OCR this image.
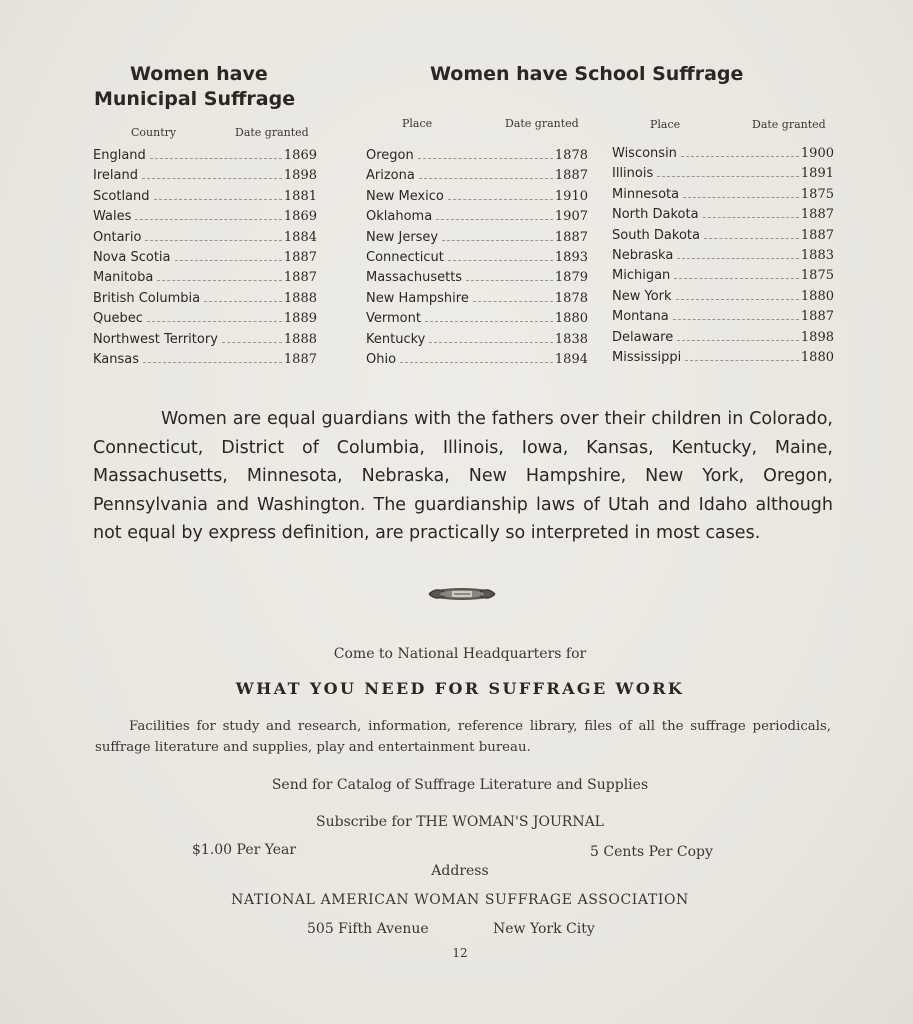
Women have
Municipal Suffrage
Country	Date granted
England	1869
Ireland	1898
Scotland	1881
Wales	1869
Ontario	1884
Nova Scotia	1887
Manitoba	1887
British Columbia	1888
Quebec	1889
Northwest Territory	1888
Kansas	1887
Women have School Suffrage
Place	Date granted	Place	Date granted
Oregon	1878
Arizona	1887
New Mexico	1910
Oklahoma	1907
New Jersey	1887
Connecticut	1893
Massachusetts	1879
New Hampshire	1878
Vermont	1880
Kentucky	1838
Ohio	1894
Wisconsin	1900
Illinois	1891
Minnesota	1875
North Dakota	1887
South Dakota	1887
Nebraska	1883
Michigan	1875
New York	1880
Montana	1887
Delaware	1898
Mississippi	1880
Women are equal guardians with the fathers over their children in Colorado, Connecticut, District of Columbia, Illinois, Iowa, Kansas, Kentucky, Maine, Massachusetts, Minnesota, Nebraska, New Hampshire, New York, Oregon, Pennsylvania and Washington. The guardianship laws of Utah and Idaho although not equal by express definition, are practically so interpreted in most cases.
Come to National Headquarters for
WHAT YOU NEED FOR SUFFRAGE WORK
Facilities for study and research, information, reference library, files of all the suffrage periodicals, suffrage literature and supplies, play and entertainment bureau.
Send for Catalog of Suffrage Literature and Supplies
Subscribe for THE WOMAN'S JOURNAL
$1.00 Per Year	5 Cents Per Copy
Address
NATIONAL AMERICAN WOMAN SUFFRAGE ASSOCIATION
505 Fifth Avenue	New York City
12
